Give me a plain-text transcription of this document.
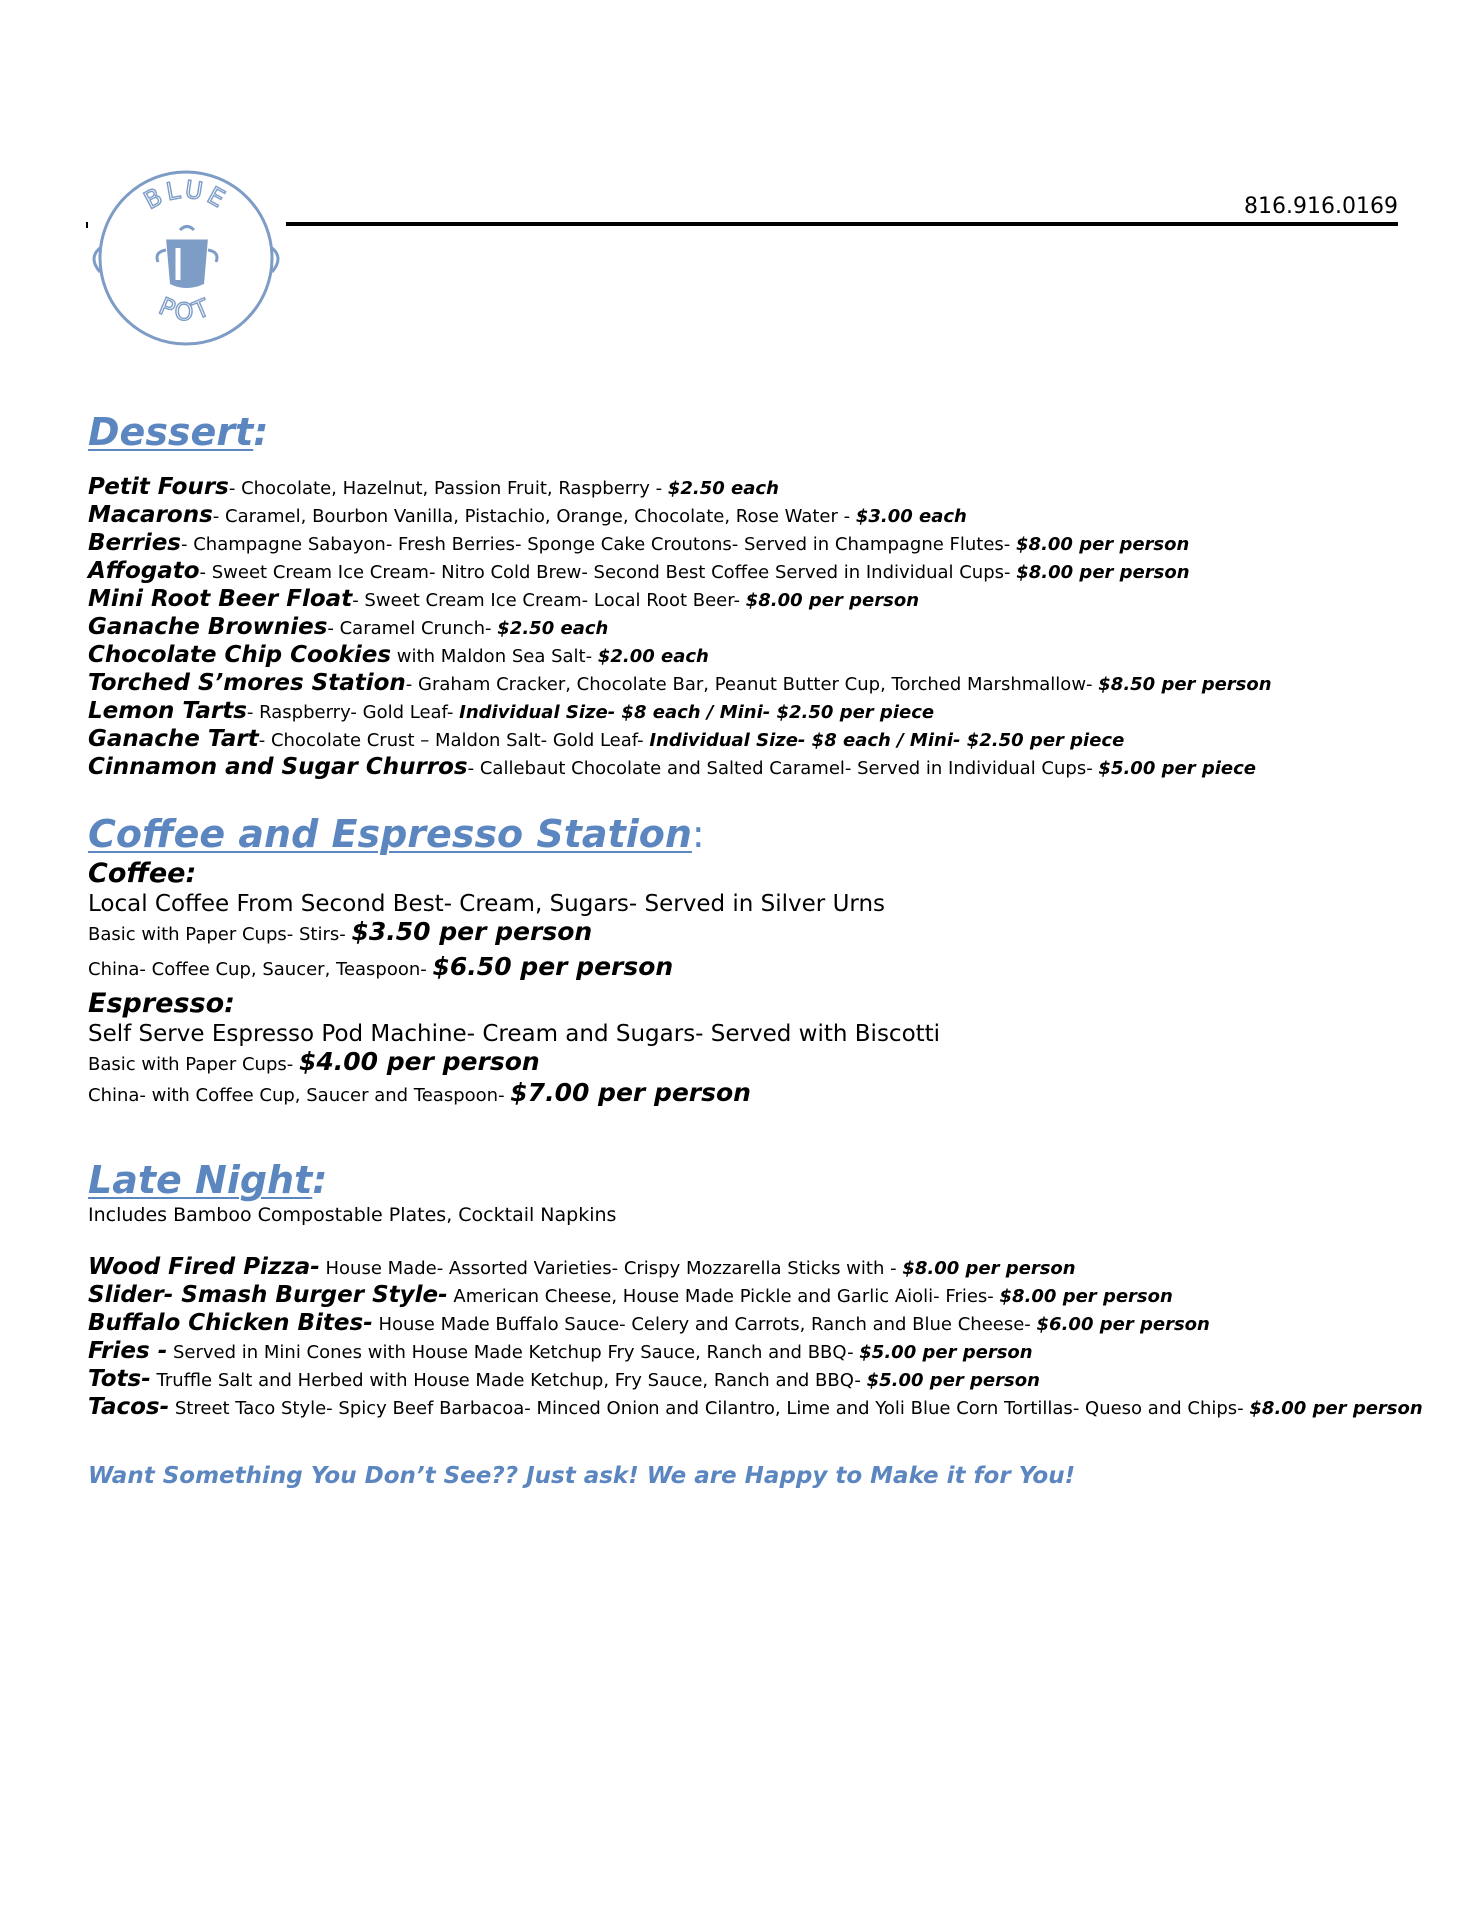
BLUE
POT
816.916.0169
Dessert:
Petit Fours- Chocolate, Hazelnut, Passion Fruit, Raspberry - $2.50 each
Macarons- Caramel, Bourbon Vanilla, Pistachio, Orange, Chocolate, Rose Water - $3.00 each
Berries- Champagne Sabayon- Fresh Berries- Sponge Cake Croutons- Served in Champagne Flutes- $8.00 per person
Affogato- Sweet Cream Ice Cream- Nitro Cold Brew- Second Best Coffee Served in Individual Cups- $8.00 per person
Mini Root Beer Float- Sweet Cream Ice Cream- Local Root Beer- $8.00 per person
Ganache Brownies- Caramel Crunch- $2.50 each
Chocolate Chip Cookies with Maldon Sea Salt- $2.00 each
Torched S’mores Station- Graham Cracker, Chocolate Bar, Peanut Butter Cup, Torched Marshmallow- $8.50 per person
Lemon Tarts- Raspberry- Gold Leaf- Individual Size- $8 each / Mini- $2.50 per piece
Ganache Tart- Chocolate Crust – Maldon Salt- Gold Leaf- Individual Size- $8 each / Mini- $2.50 per piece
Cinnamon and Sugar Churros- Callebaut Chocolate and Salted Caramel- Served in Individual Cups- $5.00 per piece
Coffee and Espresso Station:
Coffee:
Local Coffee From Second Best- Cream, Sugars- Served in Silver Urns
Basic with Paper Cups- Stirs- $3.50 per person
China- Coffee Cup, Saucer, Teaspoon- $6.50 per person
Espresso:
Self Serve Espresso Pod Machine- Cream and Sugars- Served with Biscotti
Basic with Paper Cups- $4.00 per person
China- with Coffee Cup, Saucer and Teaspoon- $7.00 per person
Late Night:
Includes Bamboo Compostable Plates, Cocktail Napkins
Wood Fired Pizza- House Made- Assorted Varieties- Crispy Mozzarella Sticks with - $8.00 per person
Slider- Smash Burger Style- American Cheese, House Made Pickle and Garlic Aioli- Fries- $8.00 per person
Buffalo Chicken Bites- House Made Buffalo Sauce- Celery and Carrots, Ranch and Blue Cheese- $6.00 per person
Fries - Served in Mini Cones with House Made Ketchup Fry Sauce, Ranch and BBQ- $5.00 per person
Tots- Truffle Salt and Herbed with House Made Ketchup, Fry Sauce, Ranch and BBQ- $5.00 per person
Tacos- Street Taco Style- Spicy Beef Barbacoa- Minced Onion and Cilantro, Lime and Yoli Blue Corn Tortillas- Queso and Chips- $8.00 per person
Want Something You Don’t See?? Just ask! We are Happy to Make it for You!
